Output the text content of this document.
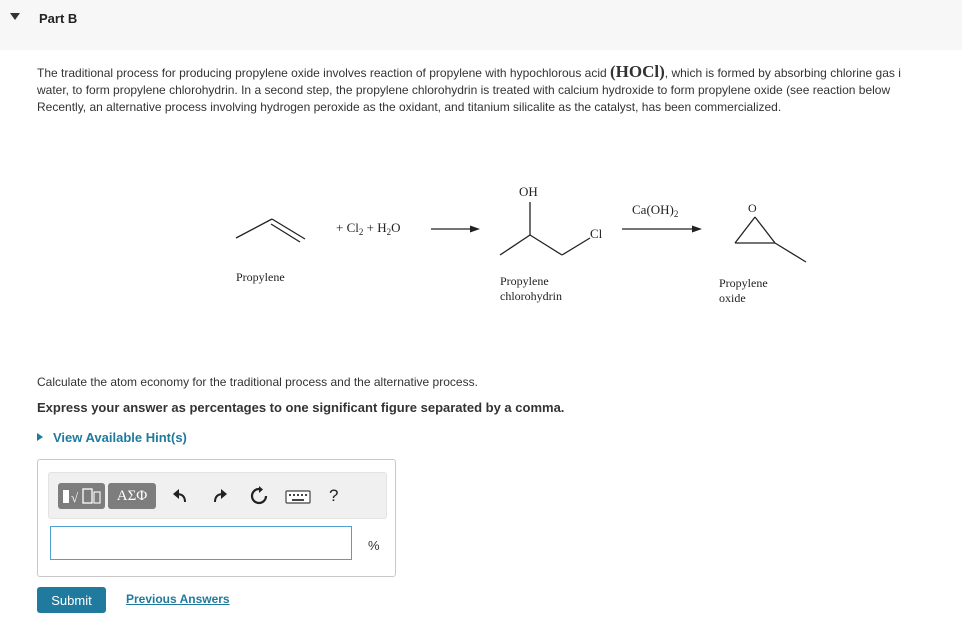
Part B
The traditional process for producing propylene oxide involves reaction of propylene with hypochlorous acid (HOCl), which is formed by absorbing chlorine gas i
water, to form propylene chlorohydrin. In a second step, the propylene chlorohydrin is treated with calcium hydroxide to form propylene oxide (see reaction below
Recently, an alternative process involving hydrogen peroxide as the oxidant, and titanium silicalite as the catalyst, has been commercialized.
Propylene
+ $Cl_2 + H_2O$
OH
Cl
Propylene
chlorohydrin
$Ca(OH)_2$	O
Propylene
oxide
Calculate the atom economy for the traditional process and the alternative process.
Express your answer as percentages to one significant figure separated by a comma.
View Available Hint(s)
√	ΑΣΦ	?
%
Submit	Previous Answers
